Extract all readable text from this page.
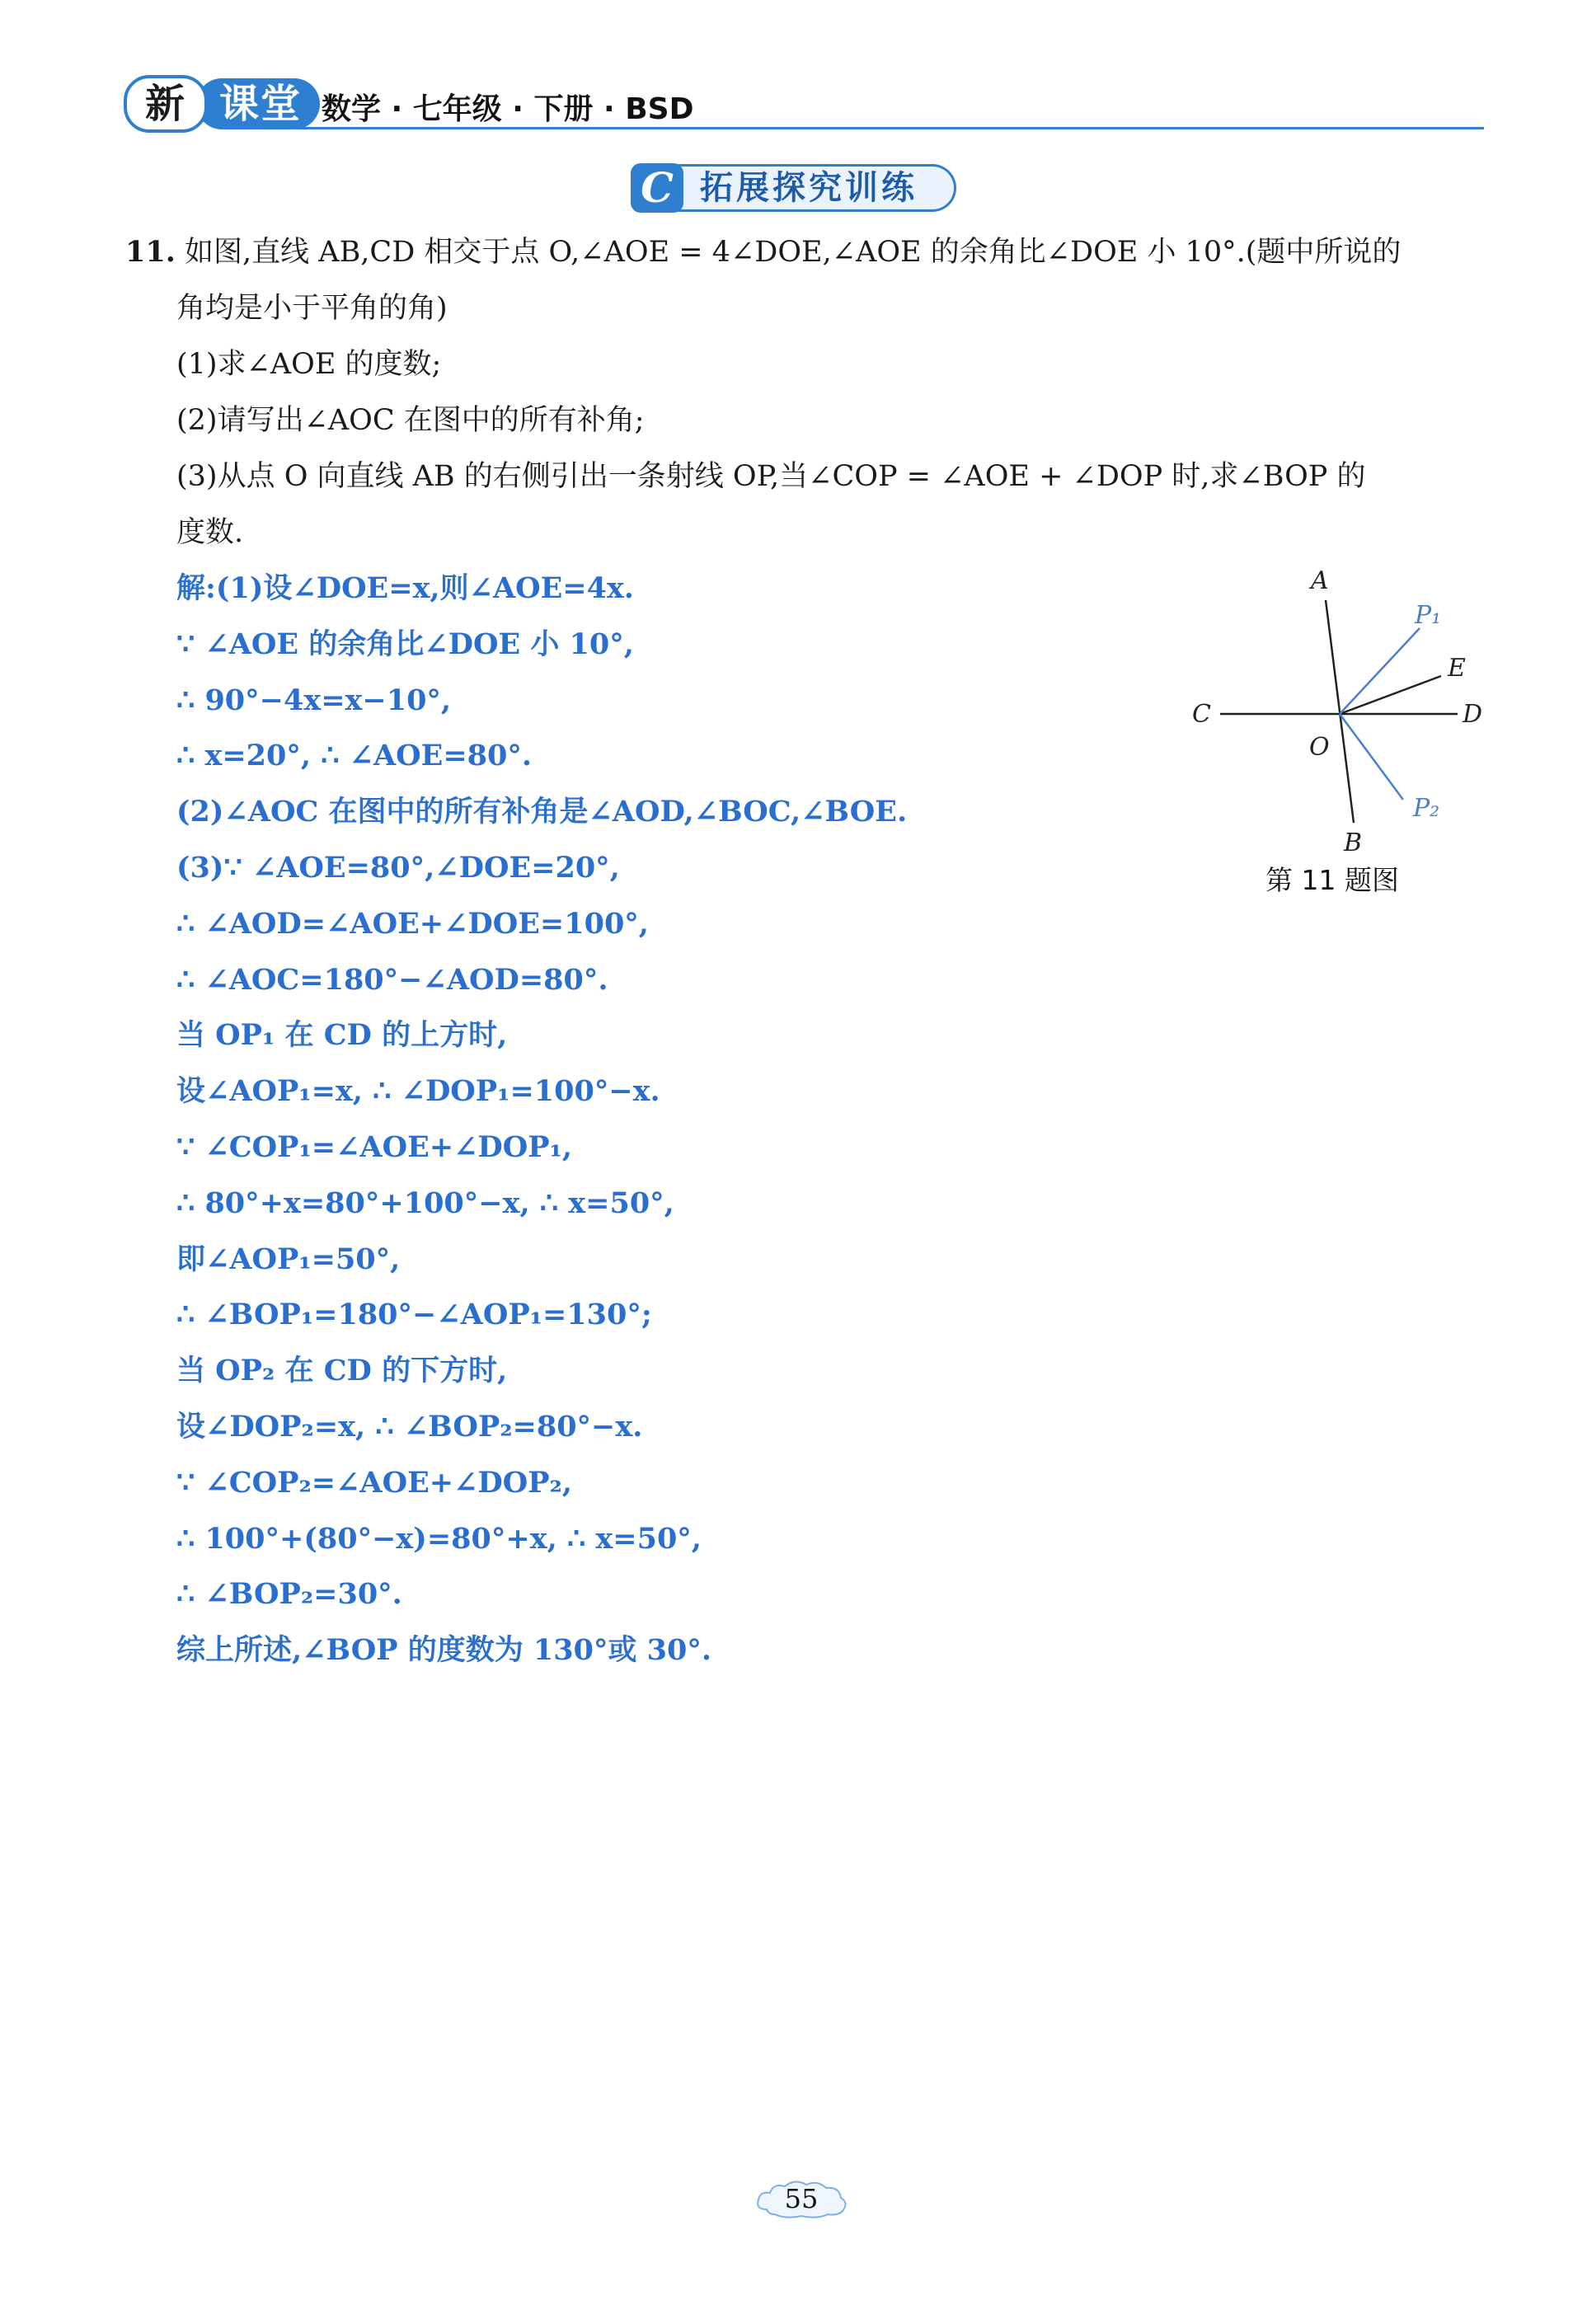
新 课堂 数学 · 七年级 · 下册 · BSD
C 拓展探究训练
11. 如图,直线 AB,CD 相交于点 O,∠AOE = 4∠DOE,∠AOE 的余角比∠DOE 小 10°.(题中所说的
角均是小于平角的角)
(1)求∠AOE 的度数;
(2)请写出∠AOC 在图中的所有补角;
(3)从点 O 向直线 AB 的右侧引出一条射线 OP,当∠COP = ∠AOE + ∠DOP 时,求∠BOP 的
度数.
解:(1)设∠DOE=x,则∠AOE=4x.
∵ ∠AOE 的余角比∠DOE 小 10°,
∴ 90°−4x=x−10°,
∴ x=20°, ∴ ∠AOE=80°.
(2)∠AOC 在图中的所有补角是∠AOD,∠BOC,∠BOE.
(3)∵ ∠AOE=80°,∠DOE=20°,
∴ ∠AOD=∠AOE+∠DOE=100°,
∴ ∠AOC=180°−∠AOD=80°.
当 OP₁ 在 CD 的上方时,
设∠AOP₁=x, ∴ ∠DOP₁=100°−x.
∵ ∠COP₁=∠AOE+∠DOP₁,
∴ 80°+x=80°+100°−x, ∴ x=50°,
即∠AOP₁=50°,
∴ ∠BOP₁=180°−∠AOP₁=130°;
当 OP₂ 在 CD 的下方时,
设∠DOP₂=x, ∴ ∠BOP₂=80°−x.
∵ ∠COP₂=∠AOE+∠DOP₂,
∴ 100°+(80°−x)=80°+x, ∴ x=50°,
∴ ∠BOP₂=30°.
综上所述,∠BOP 的度数为 130°或 30°.
A
B
C	D
E
O
P₁
P₂
第 11 题图
55
